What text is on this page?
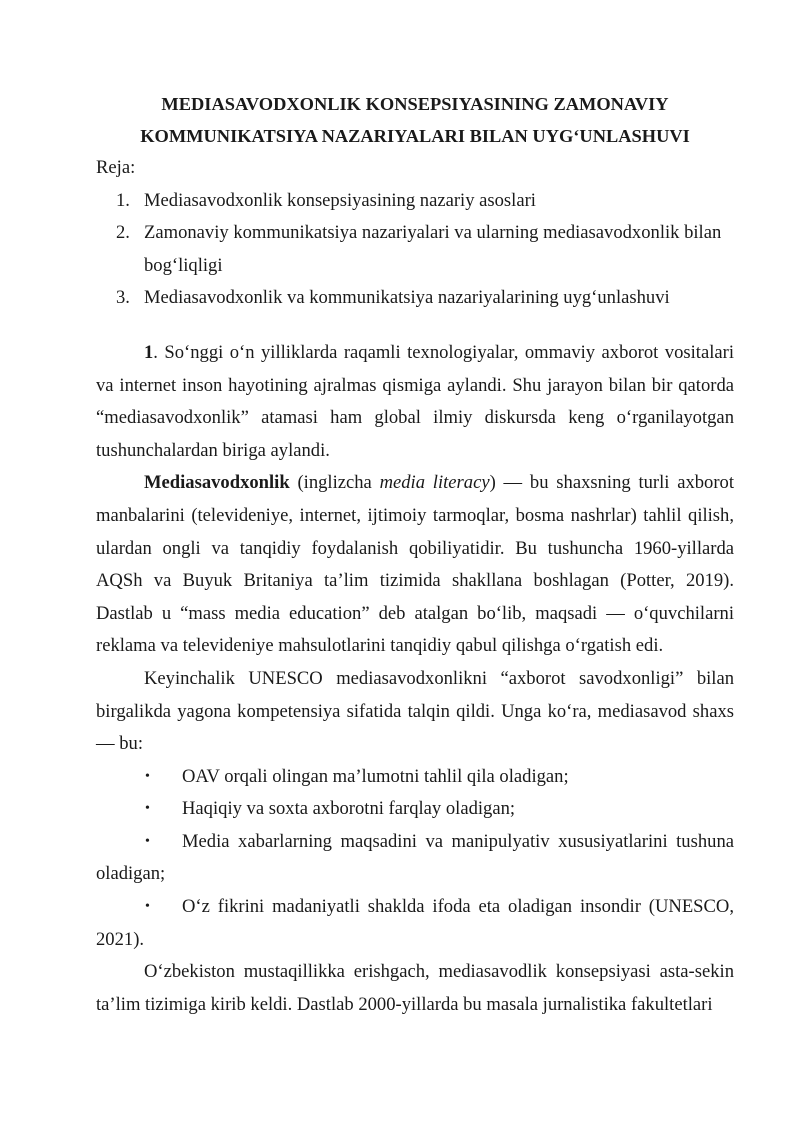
MEDIASAVODXONLIK KONSEPSIYASINING ZAMONAVIY
KOMMUNIKATSIYA NAZARIYALARI BILAN UYG‘UNLASHUVI

Reja:

1. Mediasavodxonlik konsepsiyasining nazariy asoslari
2. Zamonaviy kommunikatsiya nazariyalari va ularning mediasavodxonlik bilan bog‘liqligi
3. Mediasavodxonlik va kommunikatsiya nazariyalarining uyg‘unlashuvi

1. So‘nggi o‘n yilliklarda raqamli texnologiyalar, ommaviy axborot vositalari va internet inson hayotining ajralmas qismiga aylandi. Shu jarayon bilan bir qatorda “mediasavodxonlik” atamasi ham global ilmiy diskursda keng o‘rganilayotgan tushunchalardan biriga aylandi.

Mediasavodxonlik (inglizcha media literacy) — bu shaxsning turli axborot manbalarini (televideniye, internet, ijtimoiy tarmoqlar, bosma nashrlar) tahlil qilish, ulardan ongli va tanqidiy foydalanish qobiliyatidir. Bu tushuncha 1960-yillarda AQSh va Buyuk Britaniya ta’lim tizimida shakllana boshlagan (Potter, 2019). Dastlab u “mass media education” deb atalgan bo‘lib, maqsadi — o‘quvchilarni reklama va televideniye mahsulotlarini tanqidiy qabul qilishga o‘rgatish edi.

Keyinchalik UNESCO mediasavodxonlikni “axborot savodxonligi” bilan birgalikda yagona kompetensiya sifatida talqin qildi. Unga ko‘ra, mediasavod shaxs — bu:

• OAV orqali olingan ma’lumotni tahlil qila oladigan;
• Haqiqiy va soxta axborotni farqlay oladigan;
• Media xabarlarning maqsadini va manipulyativ xususiyatlarini tushuna oladigan;
• O‘z fikrini madaniyatli shaklda ifoda eta oladigan insondir (UNESCO, 2021).

O‘zbekiston mustaqillikka erishgach, mediasavodlik konsepsiyasi asta-sekin ta’lim tizimiga kirib keldi. Dastlab 2000-yillarda bu masala jurnalistika fakultetlari
